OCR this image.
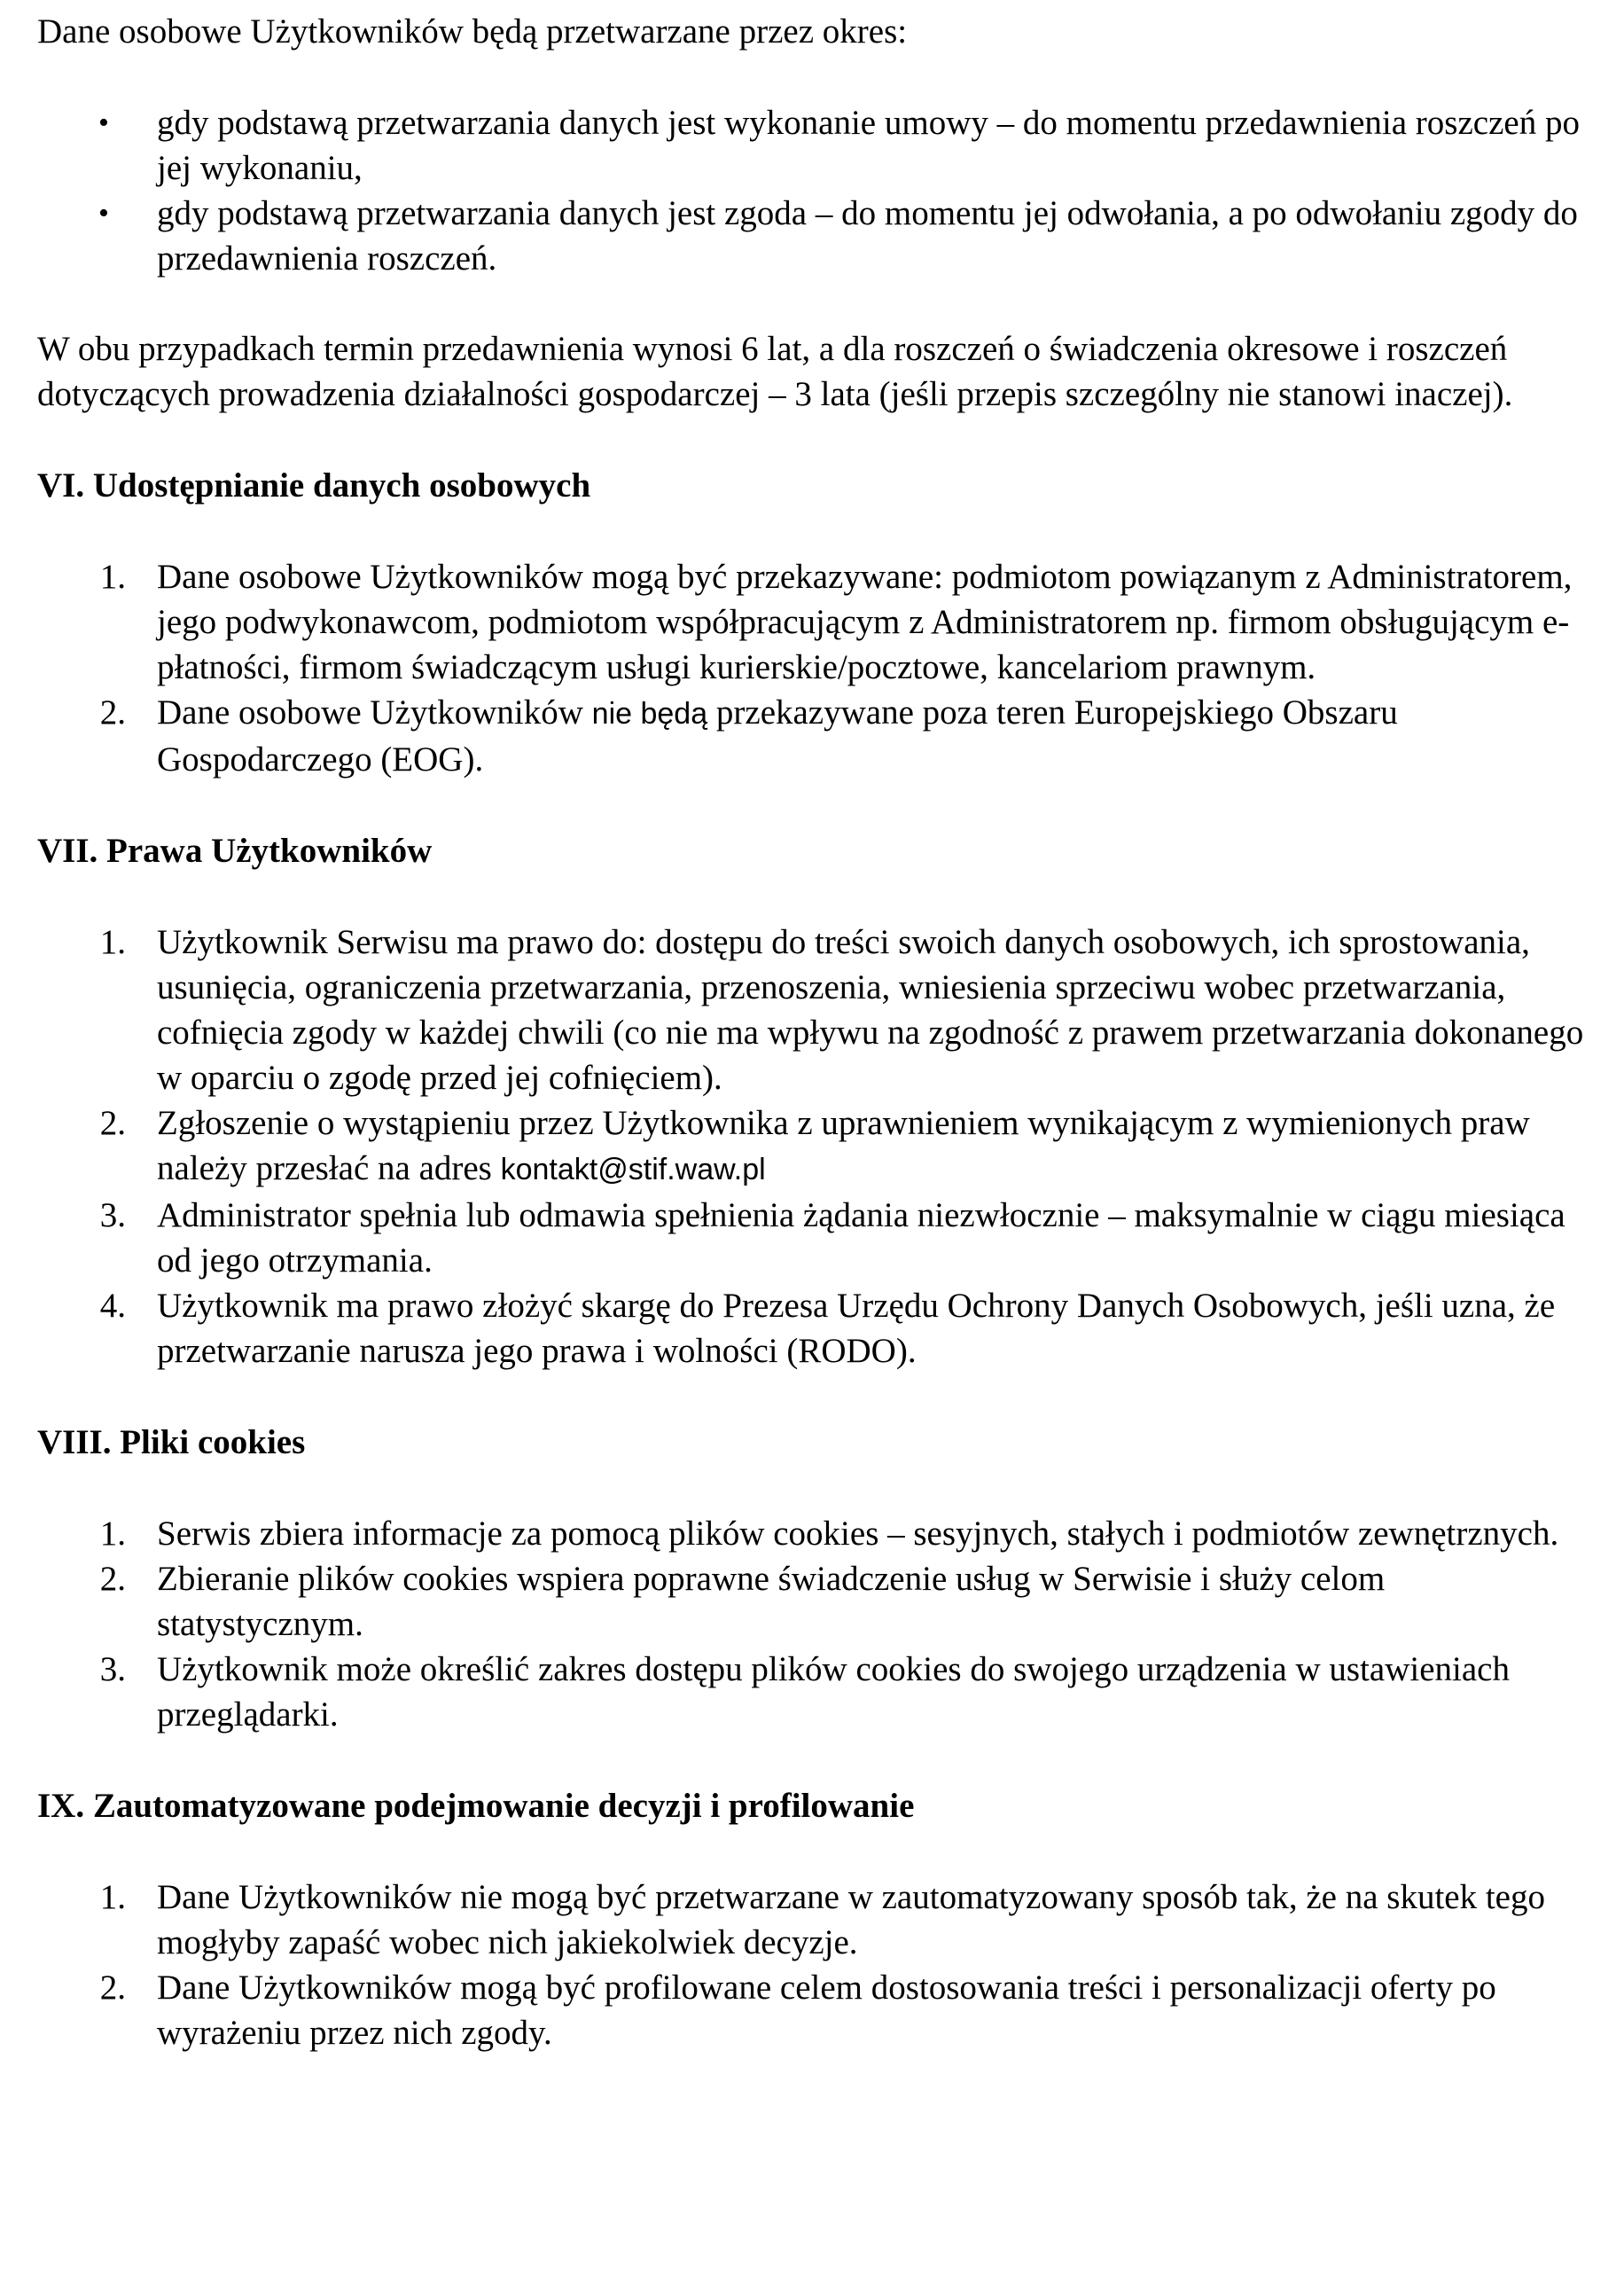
Dane osobowe Użytkowników będą przetwarzane przez okres:

• gdy podstawą przetwarzania danych jest wykonanie umowy – do momentu przedawnienia roszczeń po jej wykonaniu,
• gdy podstawą przetwarzania danych jest zgoda – do momentu jej odwołania, a po odwołaniu zgody do przedawnienia roszczeń.

W obu przypadkach termin przedawnienia wynosi 6 lat, a dla roszczeń o świadczenia okresowe i roszczeń dotyczących prowadzenia działalności gospodarczej – 3 lata (jeśli przepis szczególny nie stanowi inaczej).

VI. Udostępnianie danych osobowych
1. Dane osobowe Użytkowników mogą być przekazywane: podmiotom powiązanym z Administratorem, jego podwykonawcom, podmiotom współpracującym z Administratorem np. firmom obsługującym e-płatności, firmom świadczącym usługi kurierskie/pocztowe, kancelariom prawnym.
2. Dane osobowe Użytkowników nie będą przekazywane poza teren Europejskiego Obszaru Gospodarczego (EOG).
VII. Prawa Użytkowników
1. Użytkownik Serwisu ma prawo do: dostępu do treści swoich danych osobowych, ich sprostowania, usunięcia, ograniczenia przetwarzania, przenoszenia, wniesienia sprzeciwu wobec przetwarzania, cofnięcia zgody w każdej chwili (co nie ma wpływu na zgodność z prawem przetwarzania dokonanego w oparciu o zgodę przed jej cofnięciem).
2. Zgłoszenie o wystąpieniu przez Użytkownika z uprawnieniem wynikającym z wymienionych praw należy przesłać na adres kontakt@stif.waw.pl
3. Administrator spełnia lub odmawia spełnienia żądania niezwłocznie – maksymalnie w ciągu miesiąca od jego otrzymania.
4. Użytkownik ma prawo złożyć skargę do Prezesa Urzędu Ochrony Danych Osobowych, jeśli uzna, że przetwarzanie narusza jego prawa i wolności (RODO).
VIII. Pliki cookies
1. Serwis zbiera informacje za pomocą plików cookies – sesyjnych, stałych i podmiotów zewnętrznych.
2. Zbieranie plików cookies wspiera poprawne świadczenie usług w Serwisie i służy celom statystycznym.
3. Użytkownik może określić zakres dostępu plików cookies do swojego urządzenia w ustawieniach przeglądarki.
IX. Zautomatyzowane podejmowanie decyzji i profilowanie
1. Dane Użytkowników nie mogą być przetwarzane w zautomatyzowany sposób tak, że na skutek tego mogłyby zapaść wobec nich jakiekolwiek decyzje.
2. Dane Użytkowników mogą być profilowane celem dostosowania treści i personalizacji oferty po wyrażeniu przez nich zgody.
